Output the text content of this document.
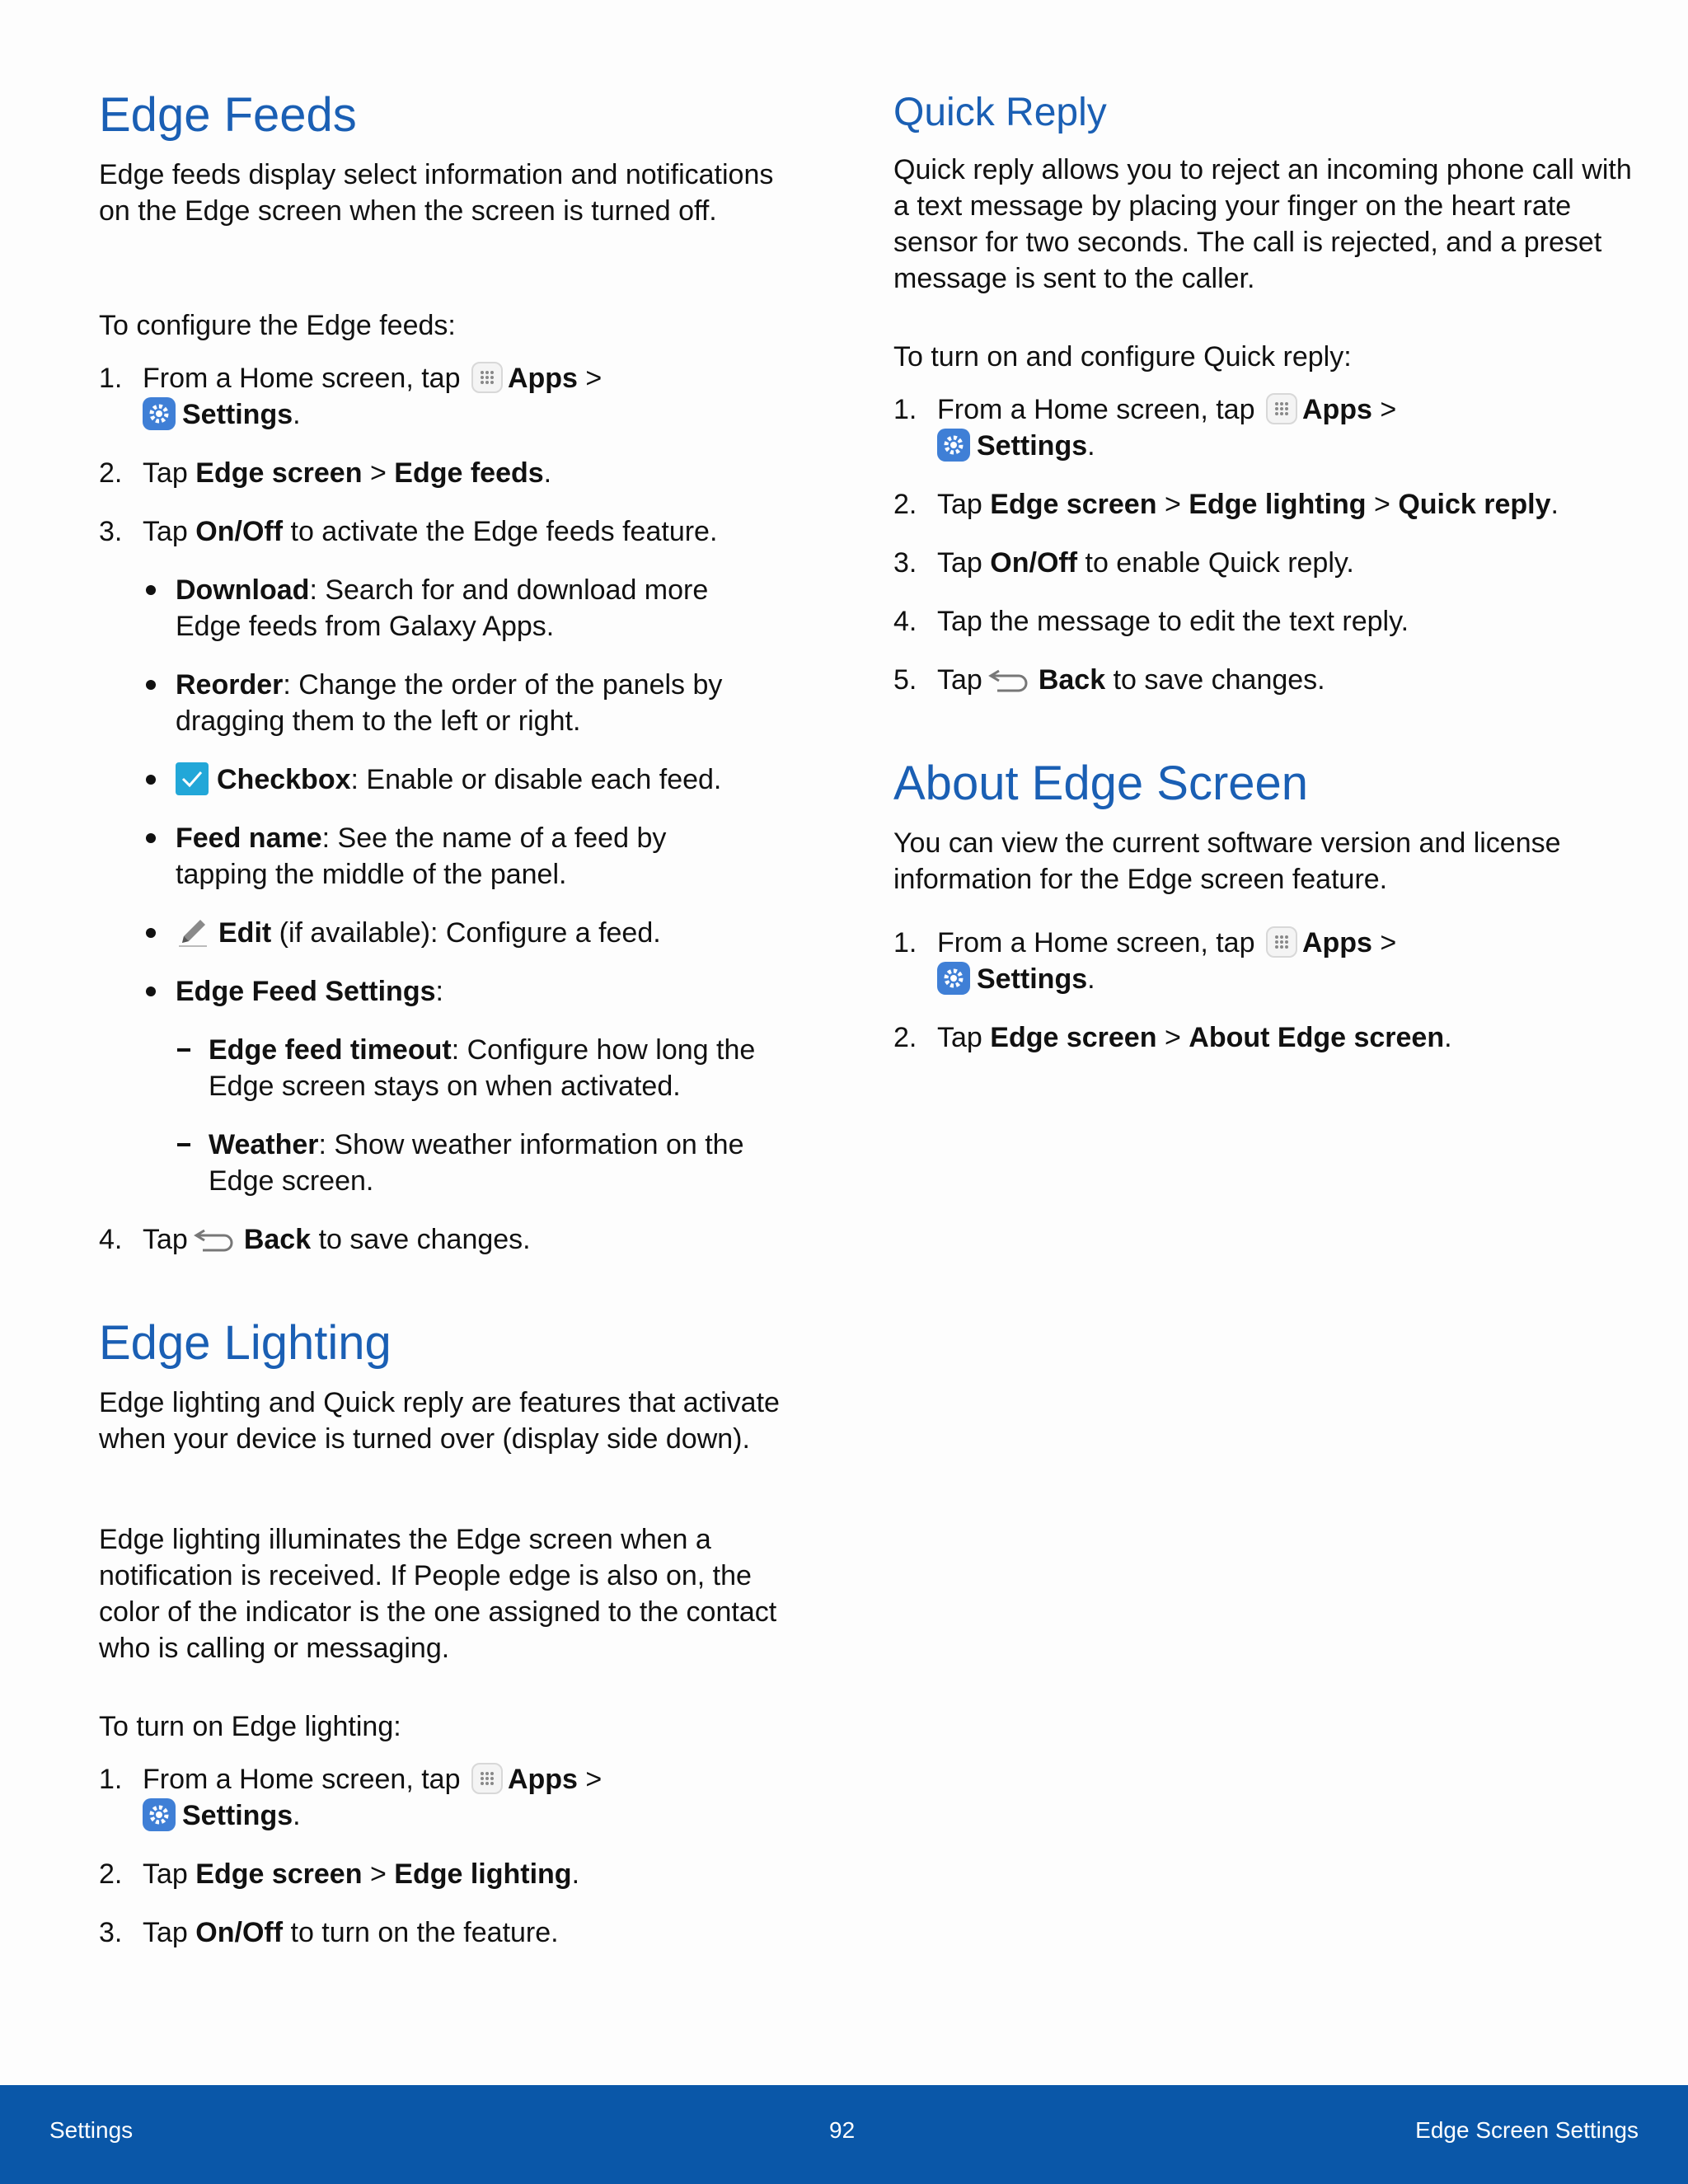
Edge Feeds

Edge feeds display select information and notifications on the Edge screen when the screen is turned off.

To configure the Edge feeds:

1. From a Home screen, tap Apps >
Settings.
2. Tap Edge screen > Edge feeds.
3. Tap On/Off to activate the Edge feeds feature.
Download: Search for and download more
Edge feeds from Galaxy Apps.
Reorder: Change the order of the panels by
dragging them to the left or right.
Checkbox: Enable or disable each feed.
Feed name: See the name of a feed by
tapping the middle of the panel.
Edit (if available): Configure a feed.
Edge Feed Settings:
Edge feed timeout: Configure how long the
Edge screen stays on when activated.
Weather: Show weather information on the
Edge screen.
4. Tap Back to save changes.
Edge Lighting

Edge lighting and Quick reply are features that activate when your device is turned over (display side down).

Edge lighting illuminates the Edge screen when a notification is received. If People edge is also on, the color of the indicator is the one assigned to the contact who is calling or messaging.

To turn on Edge lighting:

1. From a Home screen, tap Apps >
Settings.
2. Tap Edge screen > Edge lighting.
3. Tap On/Off to turn on the feature.
Quick Reply

Quick reply allows you to reject an incoming phone call with a text message by placing your finger on the heart rate sensor for two seconds. The call is rejected, and a preset message is sent to the caller.

To turn on and configure Quick reply:

1. From a Home screen, tap Apps >
Settings.
2. Tap Edge screen > Edge lighting > Quick reply.
3. Tap On/Off to enable Quick reply.
4. Tap the message to edit the text reply.
5. Tap Back to save changes.
About Edge Screen

You can view the current software version and license information for the Edge screen feature.

1. From a Home screen, tap Apps >
Settings.
2. Tap Edge screen > About Edge screen.
Settings	92	Edge Screen Settings
